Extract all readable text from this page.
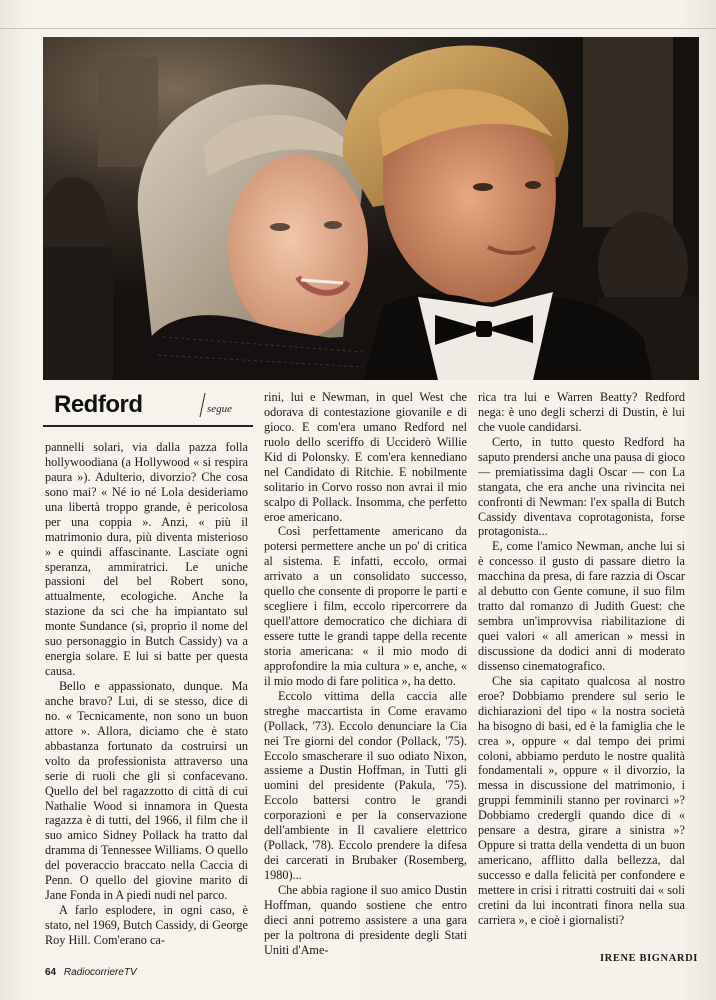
Redford	segue

pannelli solari, via dalla pazza folla hollywoodiana (a Hollywood « si respira paura »). Adulterio, divorzio? Che cosa sono mai? « Né io né Lola desideriamo una libertà troppo grande, è pericolosa per una coppia ». Anzi, « più il matrimonio dura, più diventa misterioso » e quindi affascinante. Lasciate ogni speranza, ammiratrici. Le uniche passioni del bel Robert sono, attualmente, ecologiche. Anche la stazione da sci che ha impiantato sul monte Sundance (sì, proprio il nome del suo personaggio in Butch Cassidy) va a energia solare. E lui si batte per questa causa.

Bello e appassionato, dunque. Ma anche bravo? Lui, di se stesso, dice di no. « Tecnicamente, non sono un buon attore ». Allora, diciamo che è stato abbastanza fortunato da costruirsi un volto da professionista attraverso una serie di ruoli che gli si confacevano. Quello del bel ragazzotto di città di cui Nathalie Wood si innamora in Questa ragazza è di tutti, del 1966, il film che il suo amico Sidney Pollack ha tratto dal dramma di Tennessee Williams. O quello del poveraccio braccato nella Caccia di Penn. O quello del giovine marito di Jane Fonda in A piedi nudi nel parco.

A farlo esplodere, in ogni caso, è stato, nel 1969, Butch Cassidy, di George Roy Hill. Com'erano ca-

rini, lui e Newman, in quel West che odorava di contestazione giovanile e di gioco. E com'era umano Redford nel ruolo dello sceriffo di Ucciderò Willie Kid di Polonsky. E com'era kennediano nel Candidato di Ritchie. E nobilmente solitario in Corvo rosso non avrai il mio scalpo di Pollack. Insomma, che perfetto eroe americano.

Così perfettamente americano da potersi permettere anche un po' di critica al sistema. E infatti, eccolo, ormai arrivato a un consolidato successo, quello che consente di proporre le parti e scegliere i film, eccolo ripercorrere da quell'attore democratico che dichiara di essere tutte le grandi tappe della recente storia americana: « il mio modo di approfondire la mia cultura » e, anche, « il mio modo di fare politica », ha detto.

Eccolo vittima della caccia alle streghe maccartista in Come eravamo (Pollack, '73). Eccolo denunciare la Cia nei Tre giorni del condor (Pollack, '75). Eccolo smascherare il suo odiato Nixon, assieme a Dustin Hoffman, in Tutti gli uomini del presidente (Pakula, '75). Eccolo battersi contro le grandi corporazioni e per la conservazione dell'ambiente in Il cavaliere elettrico (Pollack, '78). Eccolo prendere la difesa dei carcerati in Brubaker (Rosemberg, 1980)...

Che abbia ragione il suo amico Dustin Hoffman, quando sostiene che entro dieci anni potremo assistere a una gara per la poltrona di presidente degli Stati Uniti d'Ame-

rica tra lui e Warren Beatty? Redford nega: è uno degli scherzi di Dustin, è lui che vuole candidarsi.

Certo, in tutto questo Redford ha saputo prendersi anche una pausa di gioco — premiatissima dagli Oscar — con La stangata, che era anche una rivincita nei confronti di Newman: l'ex spalla di Butch Cassidy diventava coprotagonista, forse protagonista...

E, come l'amico Newman, anche lui si è concesso il gusto di passare dietro la macchina da presa, di fare razzia di Oscar al debutto con Gente comune, il suo film tratto dal romanzo di Judith Guest: che sembra un'improvvisa riabilitazione di quei valori « all american » messi in discussione da dodici anni di moderato dissenso cinematografico.

Che sia capitato qualcosa al nostro eroe? Dobbiamo prendere sul serio le dichiarazioni del tipo « la nostra società ha bisogno di basi, ed è la famiglia che le crea », oppure « dal tempo dei primi coloni, abbiamo perduto le nostre qualità fondamentali », oppure « il divorzio, la messa in discussione del matrimonio, i gruppi femminili stanno per rovinarci »? Dobbiamo credergli quando dice di « pensare a destra, girare a sinistra »? Oppure si tratta della vendetta di un buon americano, afflitto dalla bellezza, dal successo e dalla felicità per confondere e mettere in crisi i ritratti costruiti dai « soli cretini da lui incontrati finora nella sua carriera », e cioè i giornalisti?

IRENE BIGNARDI
64 RadiocorriereTV
